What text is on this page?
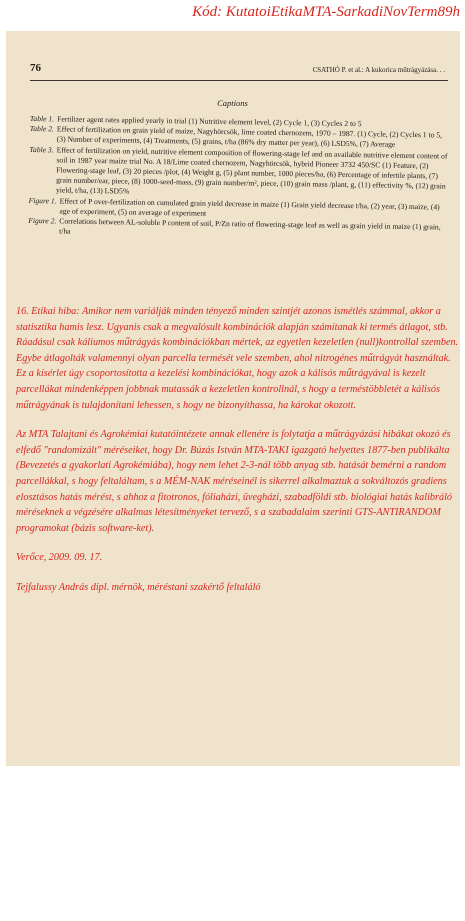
Kód: KutatoiEtikaMTA-SarkadiNovTerm89h
76	CSATHÓ P. et al.: A kukorica műtrágyázása. . .
Captions
Table 1. Fertilizer agent rates applied yearly in trial (1) Nutritive element level, (2) Cycle 1, (3) Cycles 2 to 5
Table 2. Effect of fertilization on grain yield of maize, Nagyhörcsök, lime coated chernozem, 1970 – 1987. (1) Cycle, (2) Cycles 1 to 5, (3) Number of experiments, (4) Treatments, (5) grains, t/ha (86% dry matter per year), (6) LSD5%, (7) Average
Table 3. Effect of fertilization on yield, nutritive element composition of flowering-stage lef and on available nutritive element content of soil in 1987 year maize trial No. A 18/Lime coated chernozem, Nagyhörcsök, hybrid Pioneer 3732 450/SC (1) Feature, (2) Flowering-stage leaf, (3) 20 pieces /plot, (4) Weight g, (5) plant number, 1000 pieces/ha, (6) Percentage of infertile plants, (7) grain number/ear, piece, (8) 1000-seed-mass, (9) grain number/m², piece, (10) grain mass /plant, g, (11) effectivity %, (12) grain yield, t/ha, (13) LSD5%
Figure 1. Effect of P over-fertilization on cumulated grain yield decrease in maize (1) Grain yield decrease t/ha, (2) year, (3) maize, (4) age of experiment, (5) on average of experiment
Figure 2. Correlations between AL-soluble P content of soil, P/Zn ratio of flowering-stage leaf as well as grain yield in maize (1) grain, t/ha

16. Etikai hiba: Amikor nem variálják minden tényező minden szintjét azonos ismétlés számmal, akkor a statisztika hamis lesz. Ugyanis csak a megvalósult kombinációk alapján számítanak ki termés átlagot, stb. Ráadásul csak káliumos műtrágyás kombinációkban mértek, az egyetlen kezeletlen (null)kontrollal szemben. Egybe átlagolták valamennyi olyan parcella termését vele szemben, ahol nitrogénes műtrágyát használtak. Ez a kísérlet úgy csoportosította a kezelési kombinációkat, hogy azok a kálisós műtrágyával is kezelt parcellákat mindenképpen jobbnak mutassák a kezeletlen kontrollnál, s hogy a terméstöbbletét a kálisós műtrágyának is tulajdonítani lehessen, s hogy ne bizonyíthassa, ha károkat okozott.

Az MTA Talajtani és Agrokémiai kutatóintézete annak ellenére is folytatja a műtrágyázási hibákat okozó és elfedő "randomizált" méréseiket, hogy Dr. Búzás István MTA-TAKI igazgató helyettes 1877-ben publikálta (Bevezetés a gyakorlati Agrokémiába), hogy nem lehet 2-3-nál több anyag stb. hatását bemérni a random parcellákkal, s hogy feltaláltam, s a MÉM-NAK méréseinél is sikerrel alkalmaztuk a sokváltozós gradiens elosztásos hatás mérést, s ahhoz a fitotronos, fóliaházi, üvegházi, szabadföldi stb. biológiai hatás kalibráló méréseknek a végzésére alkalmas létesítményeket tervező, s a szabadalaim szerinti GTS-ANTIRANDOM programokat (bázis software-ket).

Verőce, 2009. 09. 17.

Tejfalussy András dipl. mérnök, méréstani szakértő feltaláló
